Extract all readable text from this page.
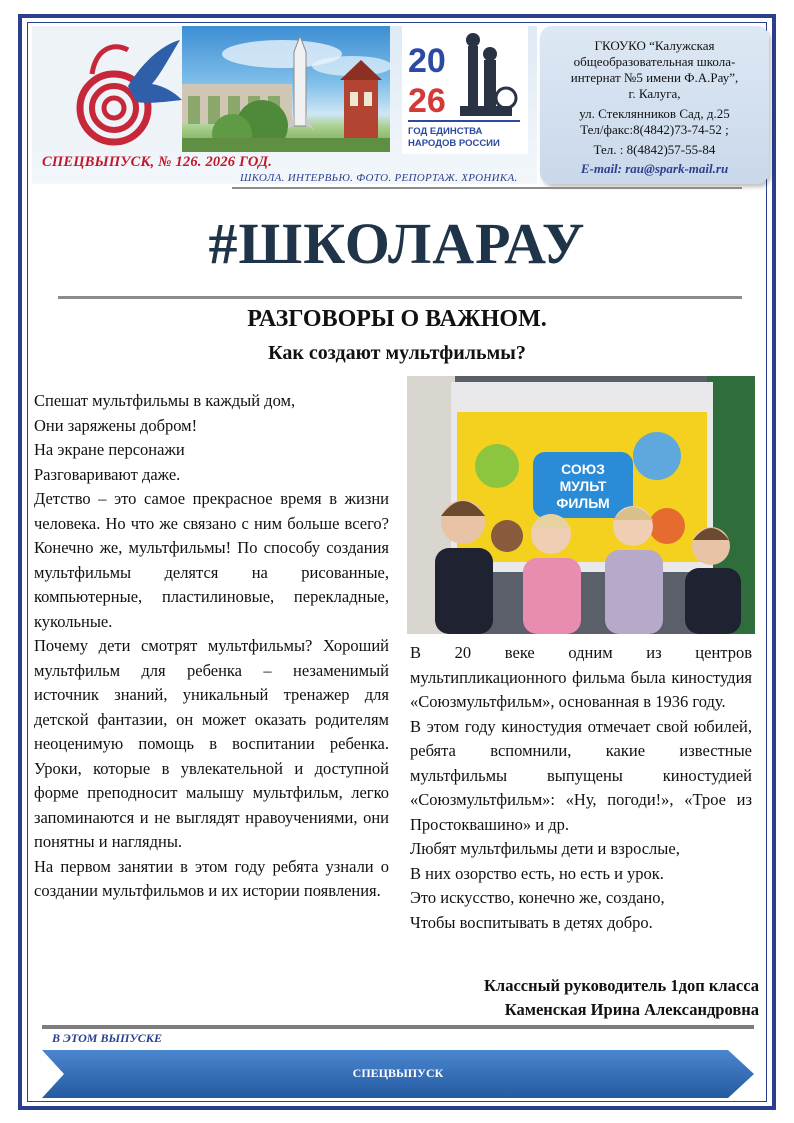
20
26
ГОД ЕДИНСТВА
НАРОДОВ РОССИИ
ГКОУКО “Калужская
общеобразовательная школа-
интернат №5 имени Ф.А.Рау”,
г. Калуга,
ул. Стеклянников Сад, д.25
Тел/факс:8(4842)73-74-52 ;
Тел. : 8(4842)57-55-84
E-mail: rau@spark-mail.ru
СПЕЦВЫПУСК, № 126. 2026 ГОД.
ШКОЛА. ИНТЕРВЬЮ. ФОТО. РЕПОРТАЖ. ХРОНИКА.
#ШКОЛАРАУ
РАЗГОВОРЫ О ВАЖНОМ.
Как создают мультфильмы?

Спешат мультфильмы в каждый дом,

Они заряжены добром!

На экране персонажи

Разговаривают даже.

Детство – это самое прекрасное время в жизни человека. Но что же связано с ним больше всего? Конечно же, мультфильмы! По способу создания мультфильмы делятся на рисованные, компьютерные, пластилиновые, перекладные, кукольные.

Почему дети смотрят мультфильмы? Хороший мультфильм для ребенка – незаменимый источник знаний, уникальный тренажер для детской фантазии, он может оказать родителям неоценимую помощь в воспитании ребенка. Уроки, которые в увлекательной и доступной форме преподносит малышу мультфильм, легко запоминаются и не выглядят нравоучениями, они понятны и наглядны.

На первом занятии в этом году ребята узнали о создании мультфильмов и их истории появления.

СОЮЗ
МУЛЬТ
ФИЛЬМ

В 20 веке одним из центров мультипликационного фильма была киностудия «Союзмультфильм», основанная в 1936 году.

В этом году киностудия отмечает свой юбилей, ребята вспомнили, какие известные мультфильмы выпущены киностудией «Союзмультфильм»: «Ну, погоди!», «Трое из Простоквашино» и др.

Любят мультфильмы дети и взрослые,

В них озорство есть, но есть и урок.

Это искусство, конечно же, создано,

Чтобы воспитывать в детях добро.

Классный руководитель 1доп класса
Каменская Ирина Александровна
В ЭТОМ ВЫПУСКЕ
СПЕЦВЫПУСК
